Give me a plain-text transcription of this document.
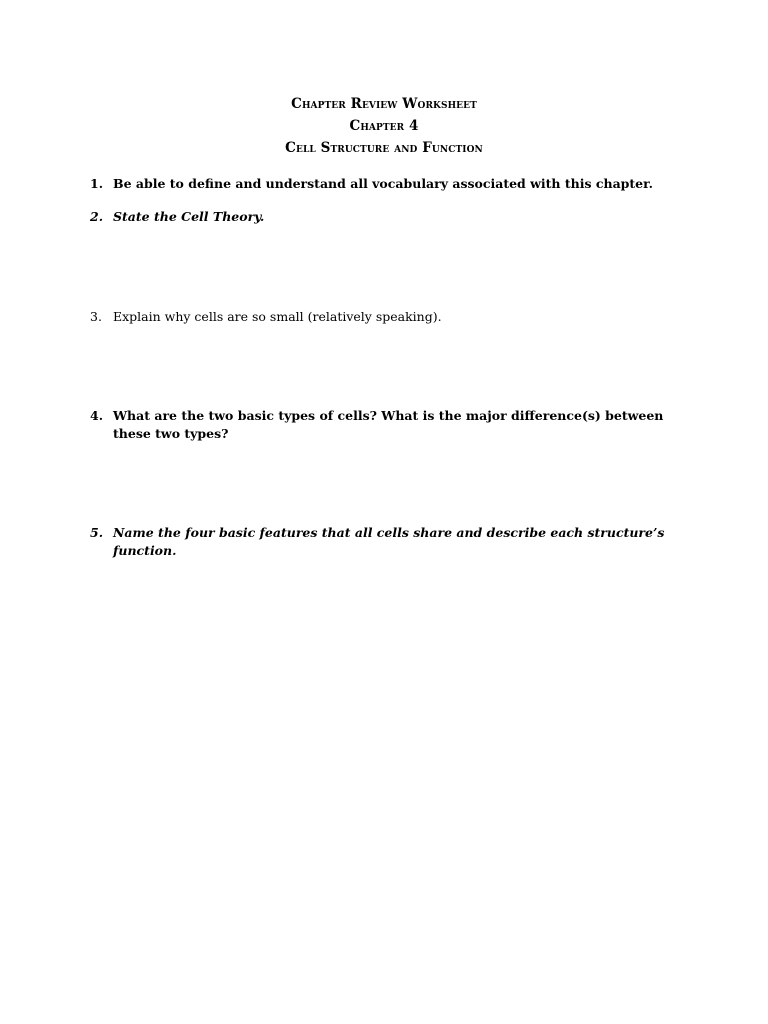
Chapter Review Worksheet
Chapter 4
Cell Structure and Function
1. Be able to define and understand all vocabulary associated with this chapter.
2. State the Cell Theory.
3. Explain why cells are so small (relatively speaking).
4. What are the two basic types of cells? What is the major difference(s) between these two types?
5. Name the four basic features that all cells share and describe each structure’s function.
